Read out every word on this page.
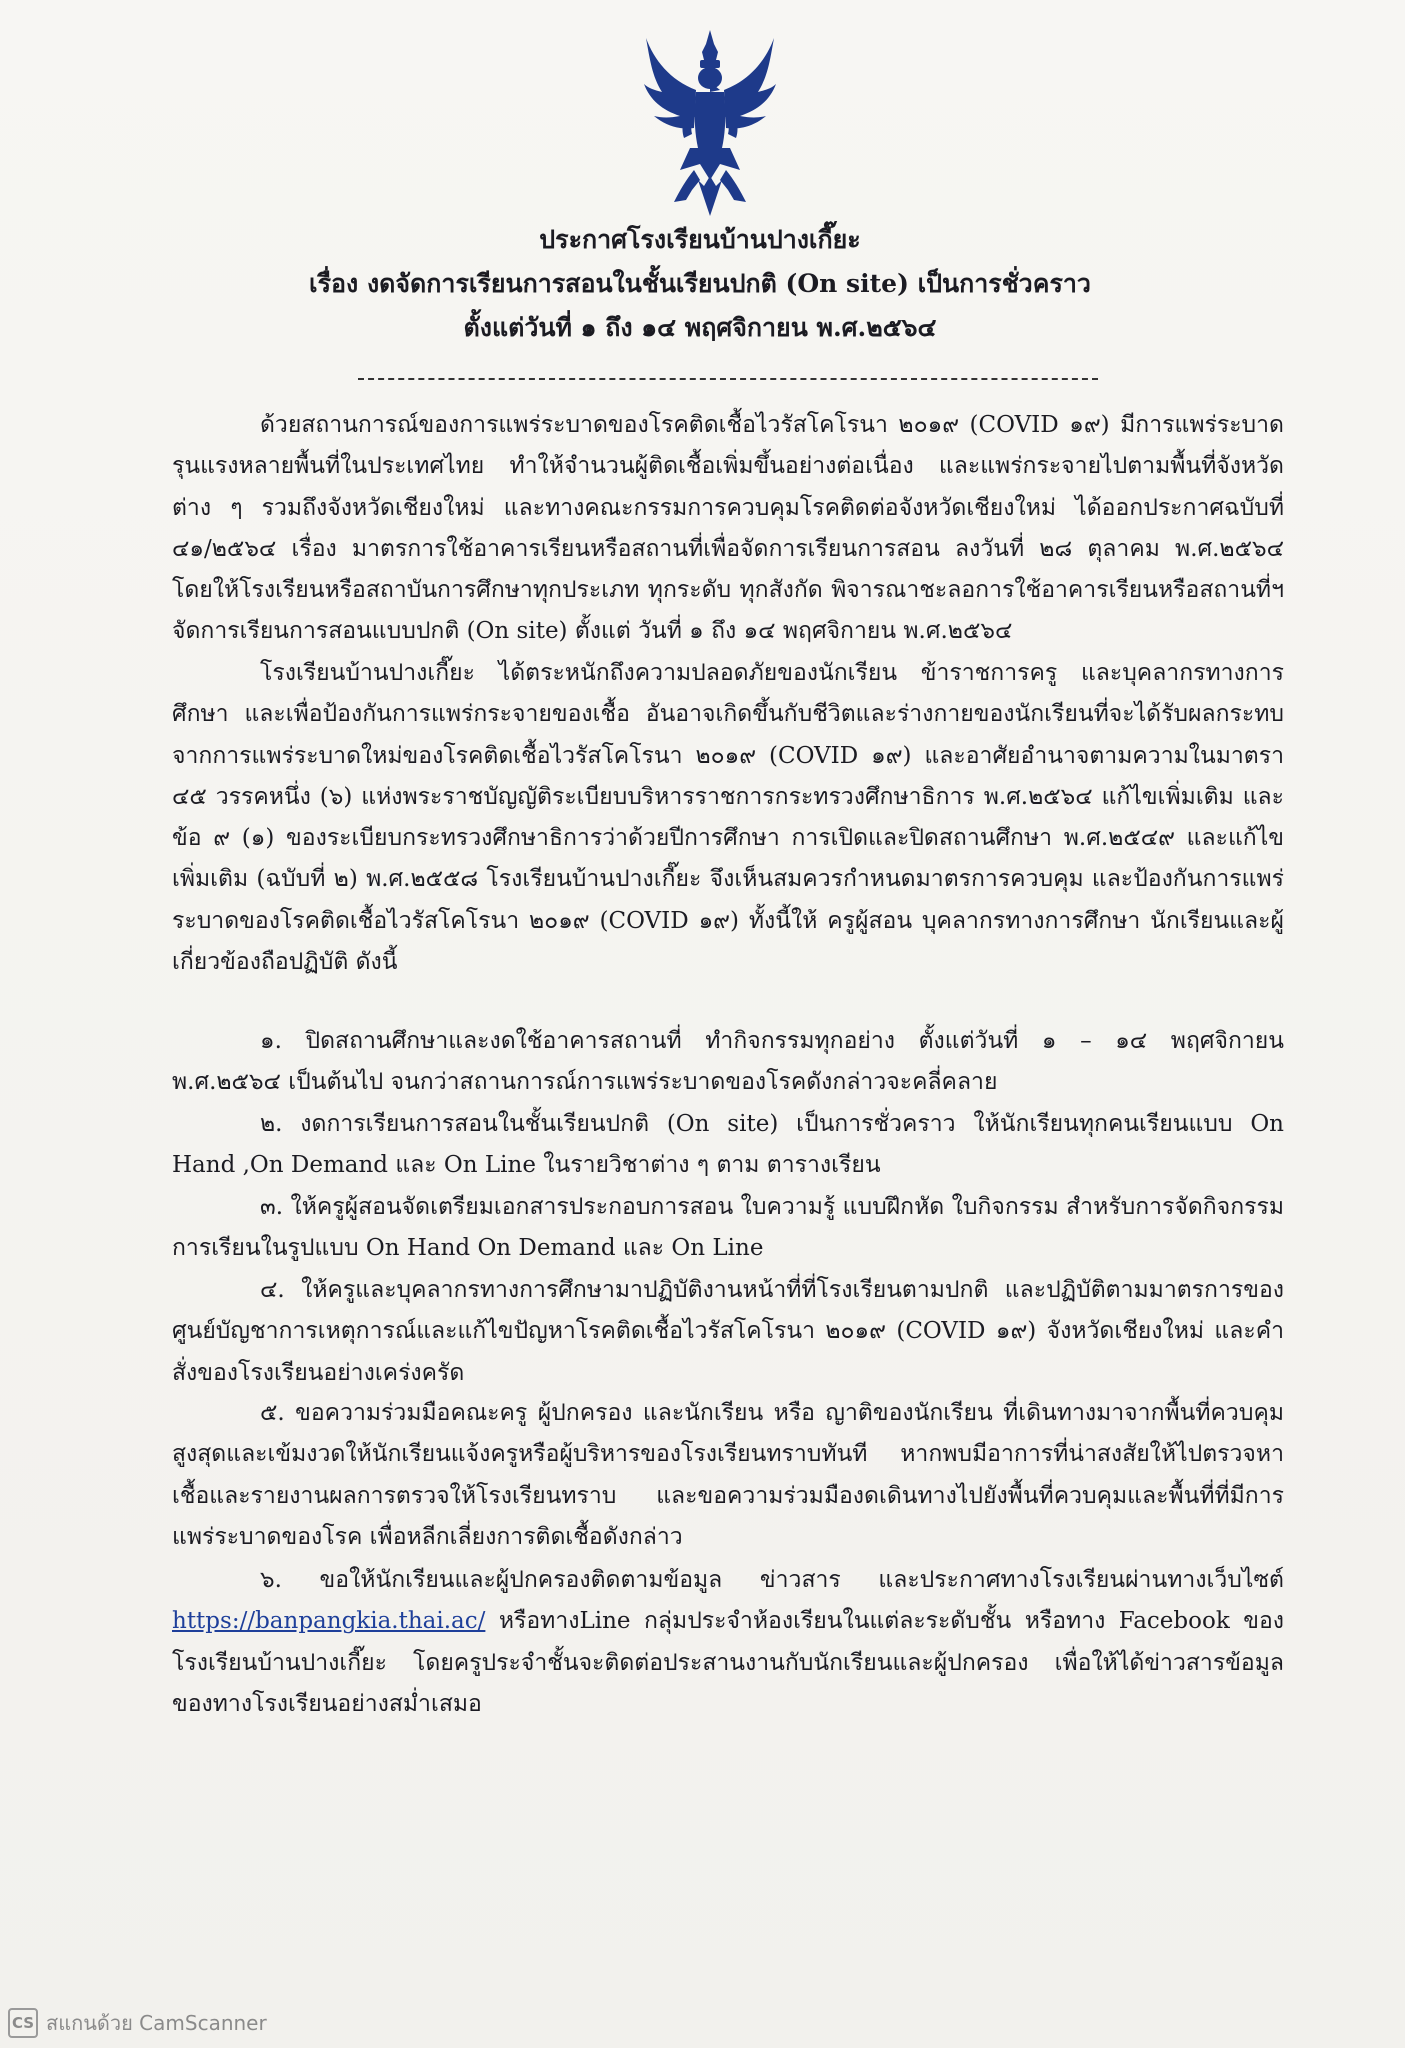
ประกาศโรงเรียนบ้านปางเกี๊ยะ
เรื่อง งดจัดการเรียนการสอนในชั้นเรียนปกติ (On site) เป็นการชั่วคราว
ตั้งแต่วันที่ ๑ ถึง ๑๔ พฤศจิกายน พ.ศ.๒๕๖๔
ด้วยสถานการณ์ของการแพร่ระบาดของโรคติดเชื้อไวรัสโคโรนา ๒๐๑๙ (COVID ๑๙) มีการแพร่ระบาดรุนแรงหลายพื้นที่ในประเทศไทย ทำให้จำนวนผู้ติดเชื้อเพิ่มขึ้นอย่างต่อเนื่อง และแพร่กระจายไปตามพื้นที่จังหวัดต่าง ๆ รวมถึงจังหวัดเชียงใหม่ และทางคณะกรรมการควบคุมโรคติดต่อจังหวัดเชียงใหม่ ได้ออกประกาศฉบับที่ ๔๑/๒๕๖๔ เรื่อง มาตรการใช้อาคารเรียนหรือสถานที่เพื่อจัดการเรียนการสอน ลงวันที่ ๒๘ ตุลาคม พ.ศ.๒๕๖๔ โดยให้โรงเรียนหรือสถาบันการศึกษาทุกประเภท ทุกระดับ ทุกสังกัด พิจารณาชะลอการใช้อาคารเรียนหรือสถานที่ฯ จัดการเรียนการสอนแบบปกติ (On site) ตั้งแต่ วันที่ ๑ ถึง ๑๔ พฤศจิกายน พ.ศ.๒๕๖๔
โรงเรียนบ้านปางเกี๊ยะ ได้ตระหนักถึงความปลอดภัยของนักเรียน ข้าราชการครู และบุคลากรทางการศึกษา และเพื่อป้องกันการแพร่กระจายของเชื้อ อันอาจเกิดขึ้นกับชีวิตและร่างกายของนักเรียนที่จะได้รับผลกระทบ จากการแพร่ระบาดใหม่ของโรคติดเชื้อไวรัสโคโรนา ๒๐๑๙ (COVID ๑๙) และอาศัยอำนาจตามความในมาตรา ๔๕ วรรคหนึ่ง (๖) แห่งพระราชบัญญัติระเบียบบริหารราชการกระทรวงศึกษาธิการ พ.ศ.๒๕๖๔ แก้ไขเพิ่มเติม และข้อ ๙ (๑) ของระเบียบกระทรวงศึกษาธิการว่าด้วยปีการศึกษา การเปิดและปิดสถานศึกษา พ.ศ.๒๕๔๙ และแก้ไขเพิ่มเติม (ฉบับที่ ๒) พ.ศ.๒๕๕๘ โรงเรียนบ้านปางเกี๊ยะ จึงเห็นสมควรกำหนดมาตรการควบคุม และป้องกันการแพร่ระบาดของโรคติดเชื้อไวรัสโคโรนา ๒๐๑๙ (COVID ๑๙) ทั้งนี้ให้ ครูผู้สอน บุคลากรทางการศึกษา นักเรียนและผู้เกี่ยวข้องถือปฏิบัติ ดังนี้
๑. ปิดสถานศึกษาและงดใช้อาคารสถานที่ ทำกิจกรรมทุกอย่าง ตั้งแต่วันที่ ๑ – ๑๔ พฤศจิกายน พ.ศ.๒๕๖๔ เป็นต้นไป จนกว่าสถานการณ์การแพร่ระบาดของโรคดังกล่าวจะคลี่คลาย
๒. งดการเรียนการสอนในชั้นเรียนปกติ (On site) เป็นการชั่วคราว ให้นักเรียนทุกคนเรียนแบบ On Hand ,On Demand และ On Line ในรายวิชาต่าง ๆ ตาม ตารางเรียน
๓. ให้ครูผู้สอนจัดเตรียมเอกสารประกอบการสอน ใบความรู้ แบบฝึกหัด ใบกิจกรรม สำหรับการจัดกิจกรรมการเรียนในรูปแบบ On Hand On Demand และ On Line
๔. ให้ครูและบุคลากรทางการศึกษามาปฏิบัติงานหน้าที่ที่โรงเรียนตามปกติ และปฏิบัติตามมาตรการของศูนย์บัญชาการเหตุการณ์และแก้ไขปัญหาโรคติดเชื้อไวรัสโคโรนา ๒๐๑๙ (COVID ๑๙) จังหวัดเชียงใหม่ และคำสั่งของโรงเรียนอย่างเคร่งครัด
๕. ขอความร่วมมือคณะครู ผู้ปกครอง และนักเรียน หรือ ญาติของนักเรียน ที่เดินทางมาจากพื้นที่ควบคุมสูงสุดและเข้มงวดให้นักเรียนแจ้งครูหรือผู้บริหารของโรงเรียนทราบทันที หากพบมีอาการที่น่าสงสัยให้ไปตรวจหาเชื้อและรายงานผลการตรวจให้โรงเรียนทราบ และขอความร่วมมืองดเดินทางไปยังพื้นที่ควบคุมและพื้นที่ที่มีการแพร่ระบาดของโรค เพื่อหลีกเลี่ยงการติดเชื้อดังกล่าว
๖. ขอให้นักเรียนและผู้ปกครองติดตามข้อมูล ข่าวสาร และประกาศทางโรงเรียนผ่านทางเว็บไซต์ https://banpangkia.thai.ac/ หรือทางLine กลุ่มประจำห้องเรียนในแต่ละระดับชั้น หรือทาง Facebook ของโรงเรียนบ้านปางเกี๊ยะ โดยครูประจำชั้นจะติดต่อประสานงานกับนักเรียนและผู้ปกครอง เพื่อให้ได้ข่าวสารข้อมูลของทางโรงเรียนอย่างสม่ำเสมอ
CS สแกนด้วย CamScanner
